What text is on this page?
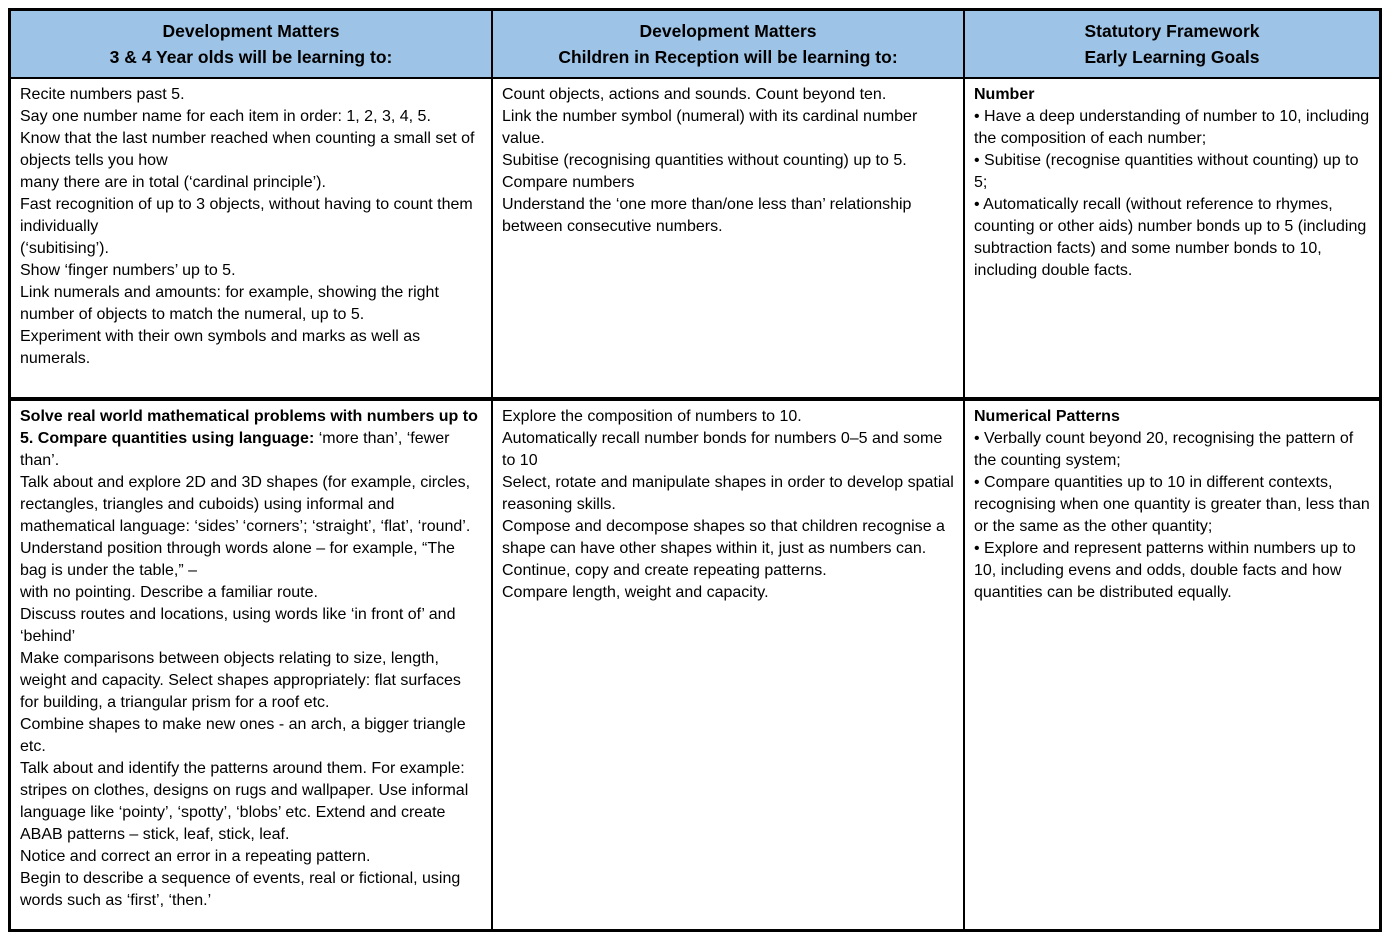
Development Matters
3 & 4 Year olds will be learning to:
Development Matters
Children in Reception will be learning to:
Statutory Framework
Early Learning Goals
Recite numbers past 5.
Say one number name for each item in order: 1, 2, 3, 4, 5.
Know that the last number reached when counting a small set of objects tells you how
many there are in total (‘cardinal principle’).
Fast recognition of up to 3 objects, without having to count them individually
(‘subitising’).
Show ‘finger numbers’ up to 5.
Link numerals and amounts: for example, showing the right number of objects to match the numeral, up to 5.
Experiment with their own symbols and marks as well as numerals.
Count objects, actions and sounds. Count beyond ten.
Link the number symbol (numeral) with its cardinal number value.
Subitise (recognising quantities without counting) up to 5.
Compare numbers
Understand the ‘one more than/one less than’ relationship between consecutive numbers.
Number
• Have a deep understanding of number to 10, including the composition of each number;
• Subitise (recognise quantities without counting) up to 5;
• Automatically recall (without reference to rhymes, counting or other aids) number bonds up to 5 (including subtraction facts) and some number bonds to 10, including double facts.
Solve real world mathematical problems with numbers up to 5. Compare quantities using language: ‘more than’, ‘fewer than’.
Talk about and explore 2D and 3D shapes (for example, circles, rectangles, triangles and cuboids) using informal and mathematical language: ‘sides’ ‘corners’; ‘straight’, ‘flat’, ‘round’.
Understand position through words alone – for example, “The bag is under the table,” –
with no pointing. Describe a familiar route.
Discuss routes and locations, using words like ‘in front of’ and ‘behind’
Make comparisons between objects relating to size, length, weight and capacity. Select shapes appropriately: flat surfaces for building, a triangular prism for a roof etc.
Combine shapes to make new ones - an arch, a bigger triangle etc.
Talk about and identify the patterns around them. For example: stripes on clothes, designs on rugs and wallpaper. Use informal language like ‘pointy’, ‘spotty’, ‘blobs’ etc. Extend and create ABAB patterns – stick, leaf, stick, leaf.
Notice and correct an error in a repeating pattern.
Begin to describe a sequence of events, real or fictional, using words such as ‘first’, ‘then.’
Explore the composition of numbers to 10.
Automatically recall number bonds for numbers 0–5 and some to 10
Select, rotate and manipulate shapes in order to develop spatial reasoning skills.
Compose and decompose shapes so that children recognise a shape can have other shapes within it, just as numbers can.
Continue, copy and create repeating patterns.
Compare length, weight and capacity.
Numerical Patterns
• Verbally count beyond 20, recognising the pattern of the counting system;
• Compare quantities up to 10 in different contexts, recognising when one quantity is greater than, less than or the same as the other quantity;
• Explore and represent patterns within numbers up to 10, including evens and odds, double facts and how quantities can be distributed equally.
